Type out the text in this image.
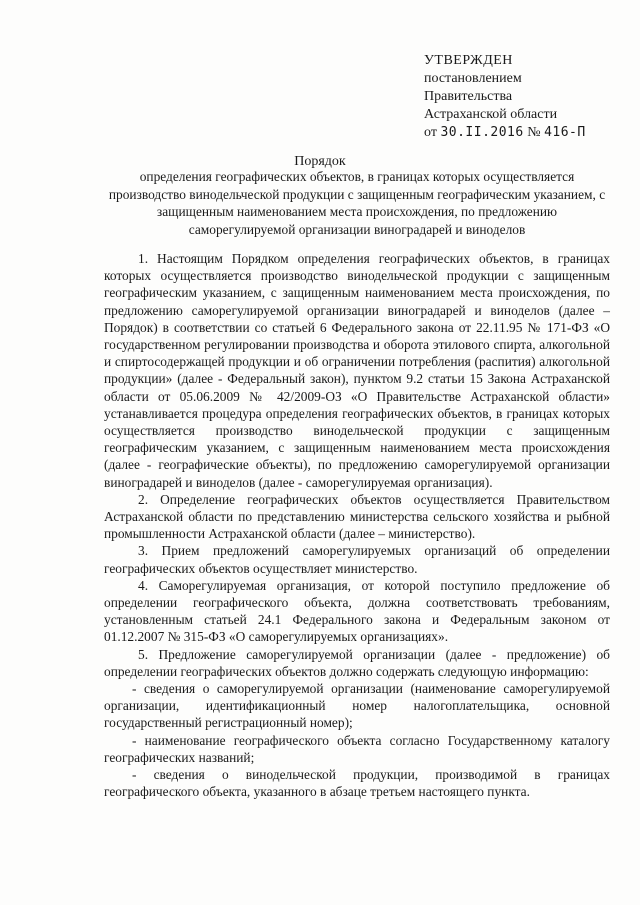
УТВЕРЖДЕН
постановлением
Правительства
Астраханской области
от 30.II.2016 № 416-П
Порядок
определения географических объектов, в границах которых осуществляется производство винодельческой продукции с защищенным географическим указанием, с защищенным наименованием места происхождения, по предложению саморегулируемой организации виноградарей и виноделов

1. Настоящим Порядком определения географических объектов, в границах которых осуществляется производство винодельческой продукции с защищенным географическим указанием, с защищенным наименованием места происхождения, по предложению саморегулируемой организации виноградарей и виноделов (далее – Порядок) в соответствии со статьей 6 Федерального закона от 22.11.95 № 171-ФЗ «О государственном регулировании производства и оборота этилового спирта, алкогольной и спиртосодержащей продукции и об ограничении потребления (распития) алкогольной продукции» (далее - Федеральный закон), пунктом 9.2 статьи 15 Закона Астраханской области от 05.06.2009 № 42/2009-ОЗ «О Правительстве Астраханской области» устанавливается процедура определения географических объектов, в границах которых осуществляется производство винодельческой продукции с защищенным географическим указанием, с защищенным наименованием места происхождения (далее - географические объекты), по предложению саморегулируемой организации виноградарей и виноделов (далее - саморегулируемая организация).

2. Определение географических объектов осуществляется Правительством Астраханской области по представлению министерства сельского хозяйства и рыбной промышленности Астраханской области (далее – министерство).

3. Прием предложений саморегулируемых организаций об определении географических объектов осуществляет министерство.

4. Саморегулируемая организация, от которой поступило предложение об определении географического объекта, должна соответствовать требованиям, установленным статьей 24.1 Федерального закона и Федеральным законом от 01.12.2007 № 315-ФЗ «О саморегулируемых организациях».

5. Предложение саморегулируемой организации (далее - предложение) об определении географических объектов должно содержать следующую информацию:

- сведения о саморегулируемой организации (наименование саморегулируемой организации, идентификационный номер налогоплательщика, основной государственный регистрационный номер);

- наименование географического объекта согласно Государственному каталогу географических названий;

- сведения о винодельческой продукции, производимой в границах географического объекта, указанного в абзаце третьем настоящего пункта.
